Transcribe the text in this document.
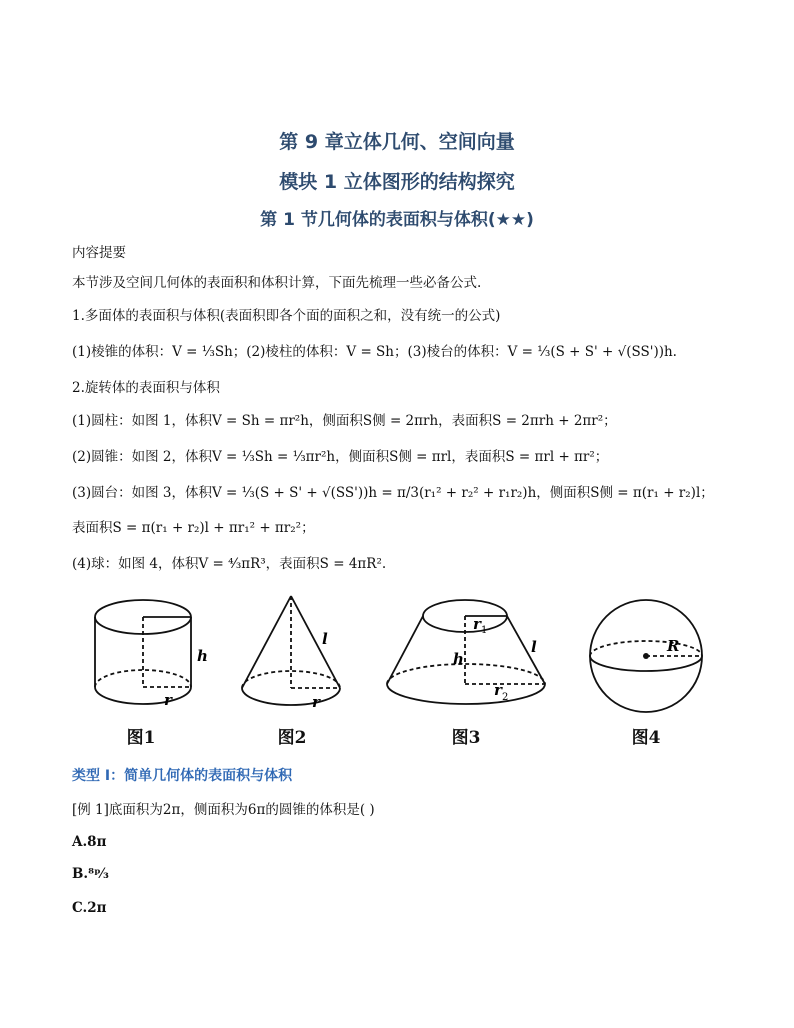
第 9 章立体几何、空间向量
模块 1 立体图形的结构探究
第 1 节几何体的表面积与体积(★★)
内容提要
本节涉及空间几何体的表面积和体积计算，下面先梳理一些必备公式.
1.多面体的表面积与体积(表面积即各个面的面积之和，没有统一的公式)
(1)棱锥的体积：V = ⅓Sh；(2)棱柱的体积：V = Sh；(3)棱台的体积：V = ⅓(S + S' + √(SS'))h.
2.旋转体的表面积与体积
(1)圆柱：如图 1，体积V = Sh = πr²h，侧面积S侧 = 2πrh，表面积S = 2πrh + 2πr²；
(2)圆锥：如图 2，体积V = ⅓Sh = ⅓πr²h，侧面积S侧 = πrl，表面积S = πrl + πr²；
(3)圆台：如图 3，体积V = ⅓(S + S' + √(SS'))h = π/3(r₁² + r₂² + r₁r₂)h，侧面积S侧 = π(r₁ + r₂)l；
表面积S = π(r₁ + r₂)l + πr₁² + πr₂²；
(4)球：如图 4，体积V = ⁴⁄₃πR³，表面积S = 4πR².
h
r
图1
l
r
图2
r 1
h
l
r 2
图3
R
图4
类型 I：简单几何体的表面积与体积
[例 1]底面积为2π，侧面积为6π的圆锥的体积是( )
A.8π
B.⁸ᵖ⁄₃
C.2π
